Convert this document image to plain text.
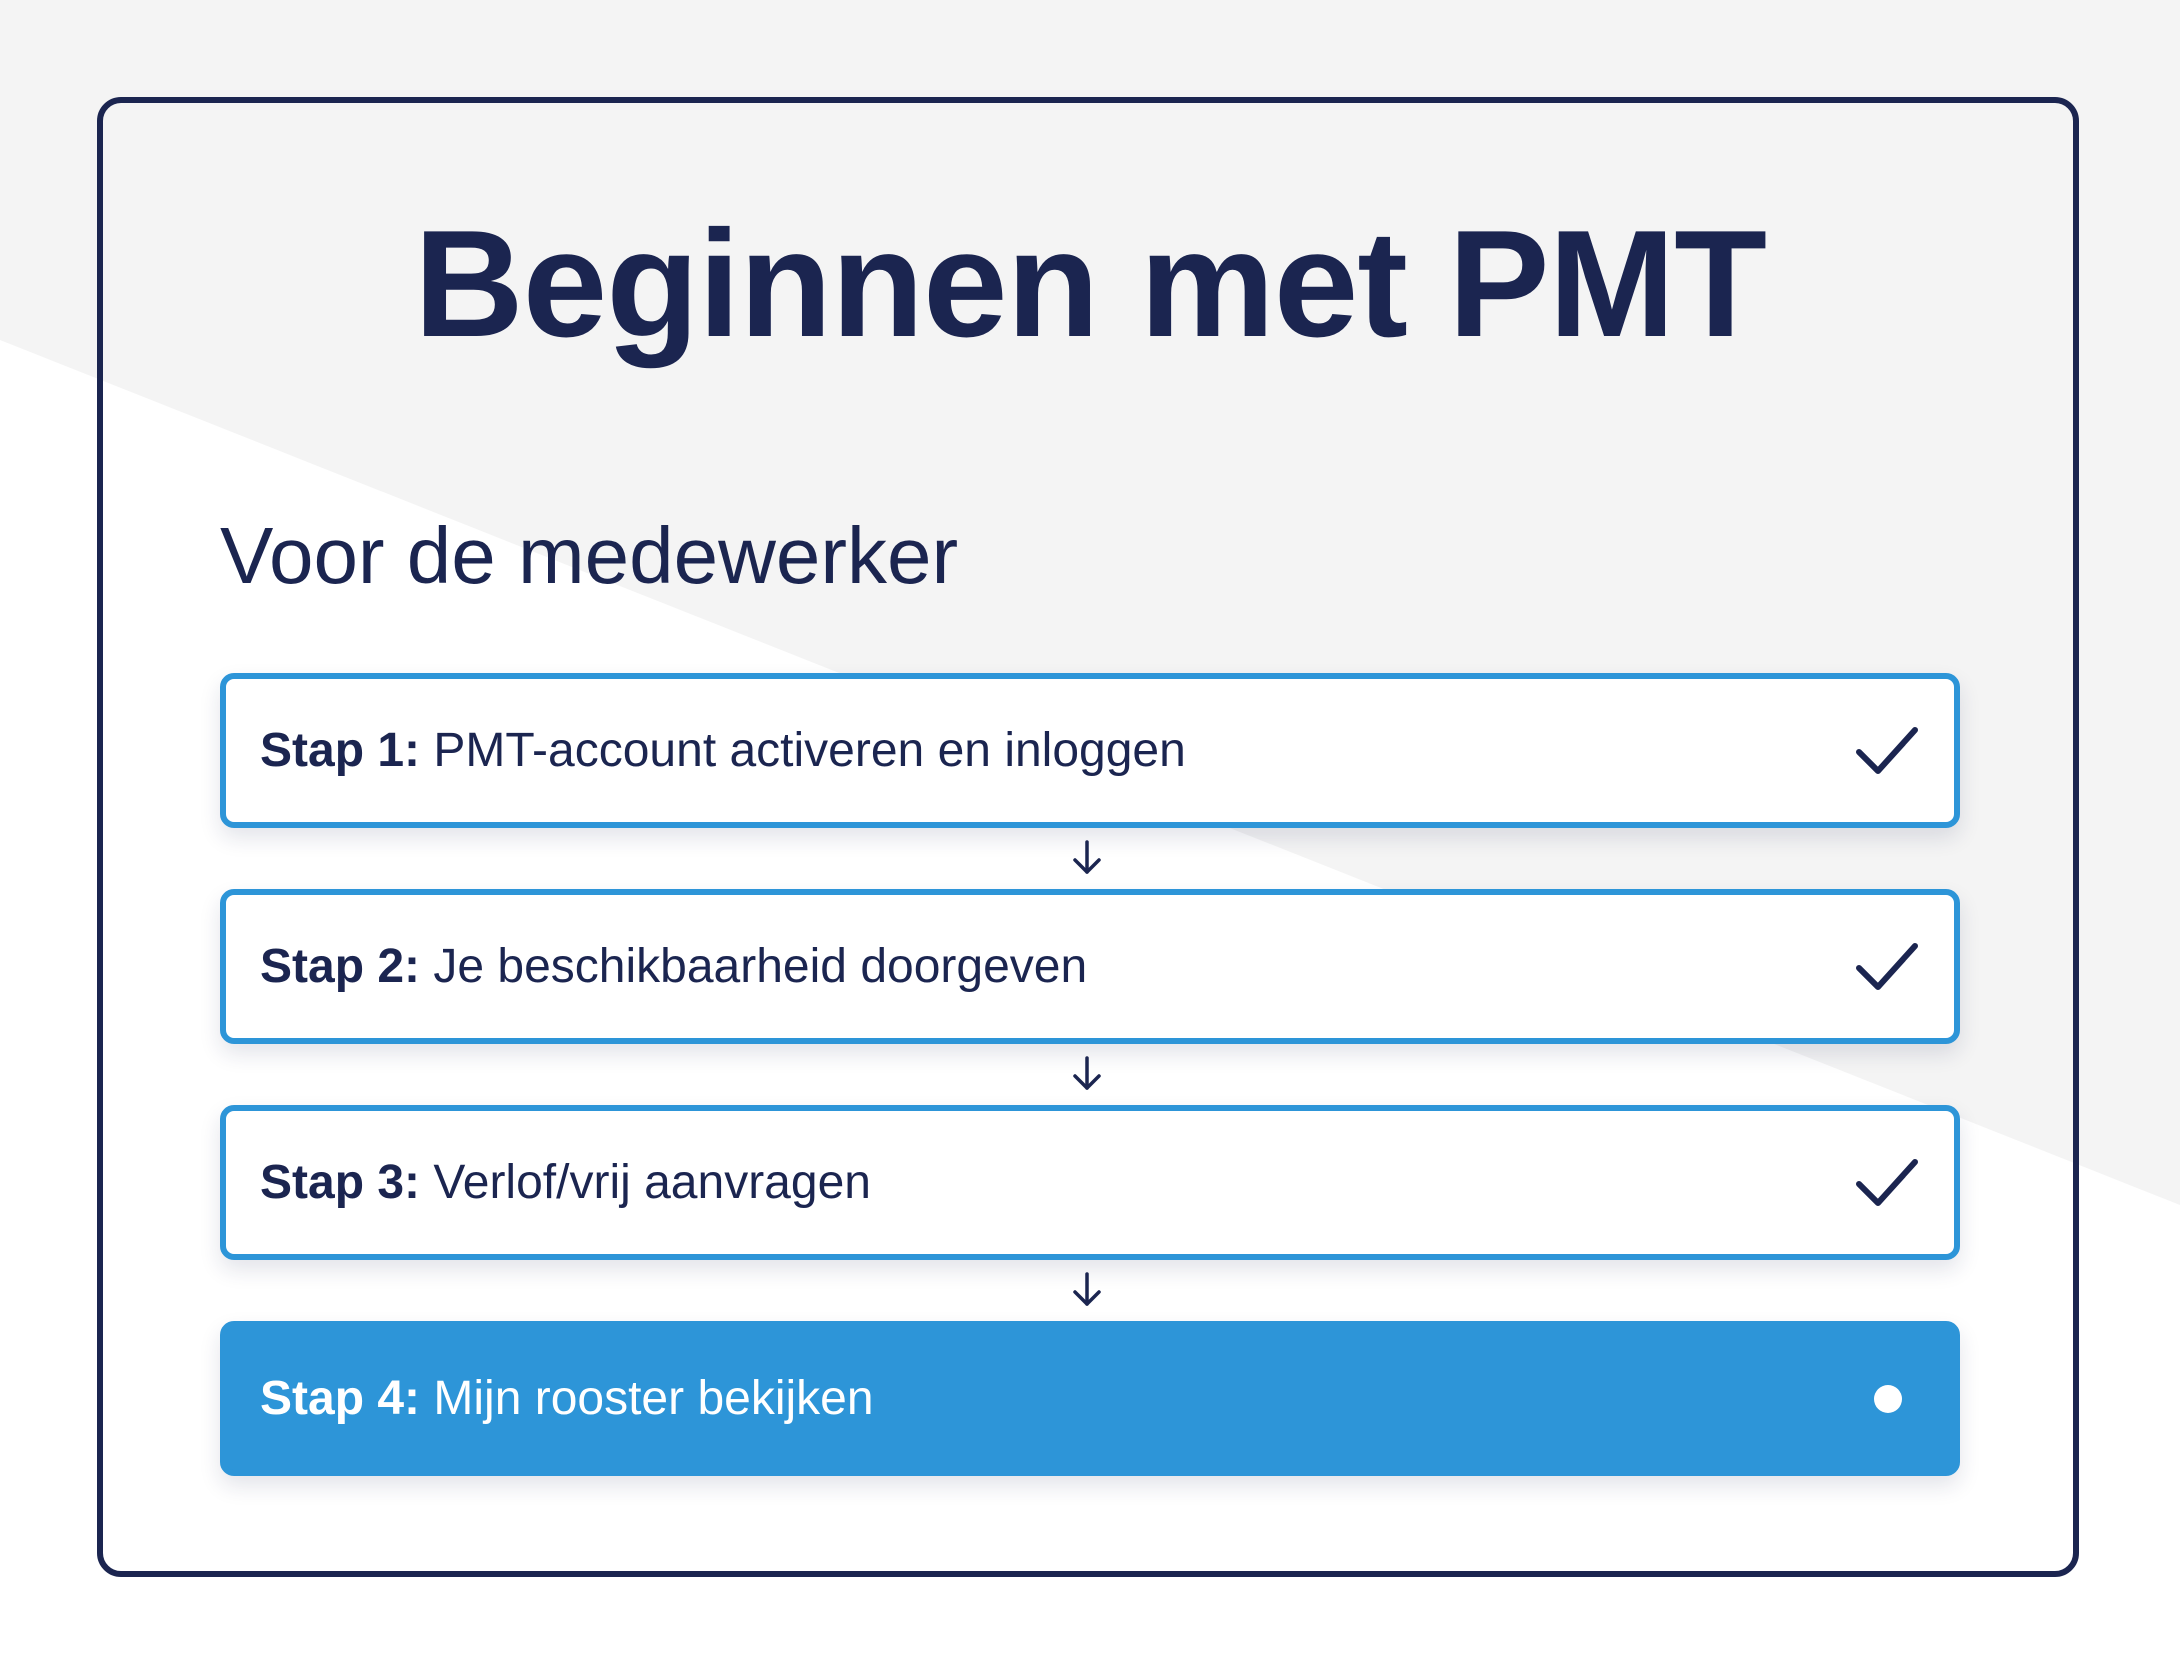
Beginnen met PMT
Voor de medewerker
Stap 1: PMT-account activeren en inloggen
Stap 2: Je beschikbaarheid doorgeven
Stap 3: Verlof/vrij aanvragen
Stap 4: Mijn rooster bekijken
